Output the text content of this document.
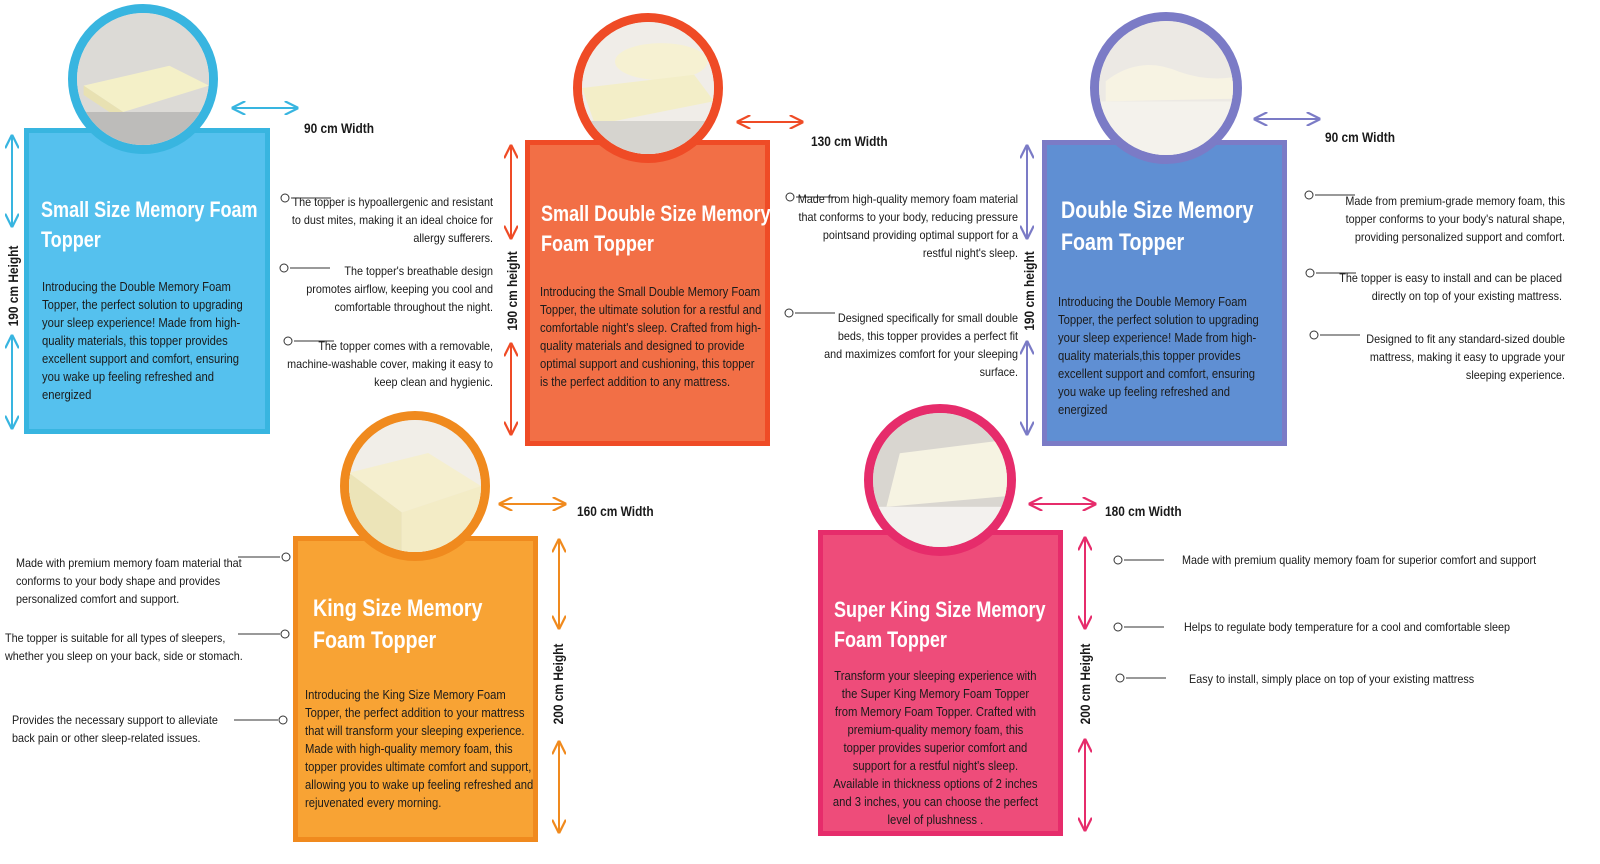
Small Size Memory Foam
Topper
Introducing the Double Memory Foam Topper, the perfect solution to upgrading your sleep experience! Made from high-quality materials, this topper provides excellent support and comfort, ensuring you wake up feeling refreshed and energized
Small Double Size Memory
Foam Topper
Introducing the Small Double Memory Foam Topper, the ultimate solution for a restful and comfortable night's sleep. Crafted from high-quality materials and designed to provide optimal support and cushioning, this topper is the perfect addition to any mattress.
Double Size Memory
Foam Topper
Introducing the Double Memory Foam Topper, the perfect solution to upgrading your sleep experience! Made from high-quality materials,this topper provides excellent support and comfort, ensuring you wake up feeling refreshed and energized
King Size Memory
Foam Topper
Introducing the King Size Memory Foam Topper, the perfect addition to your mattress that will transform your sleeping experience. Made with high-quality memory foam, this topper provides ultimate comfort and support, allowing you to wake up feeling refreshed and rejuvenated every morning.
Super King Size Memory
Foam Topper
Transform your sleeping experience with the Super King Memory Foam Topper from Memory Foam Topper. Crafted with premium-quality memory foam, this topper provides superior comfort and support for a restful night's sleep. Available in thickness options of 2 inches and 3 inches, you can choose the perfect level of plushness .
90 cm Width
130 cm Width	90 cm Width
160 cm Width	180 cm Width
190 cm Height	190 cm height	190 cm height
200 cm Height	200 cm Height
The topper is hypoallergenic and resistant to dust mites, making it an ideal choice for allergy sufferers.
The topper's breathable design promotes airflow, keeping you cool and comfortable throughout the night.
The topper comes with a removable, machine-washable cover, making it easy to keep clean and hygienic.
Made from high-quality memory foam material that conforms to your body, reducing pressure pointsand providing optimal support for a restful night's sleep.
Designed specifically for small double beds, this topper provides a perfect fit and maximizes comfort for your sleeping surface.
Made from premium-grade memory foam, this topper conforms to your body's natural shape, providing personalized support and comfort.
The topper is easy to install and can be placed directly on top of your existing mattress.
Designed to fit any standard-sized double mattress, making it easy to upgrade your sleeping experience.
Made with premium memory foam material that conforms to your body shape and provides personalized comfort and support.
The topper is suitable for all types of sleepers, whether you sleep on your back, side or stomach.
Provides the necessary support to alleviate back pain or other sleep-related issues.
Made with premium quality memory foam for superior comfort and support
Helps to regulate body temperature for a cool and comfortable sleep
Easy to install, simply place on top of your existing mattress
